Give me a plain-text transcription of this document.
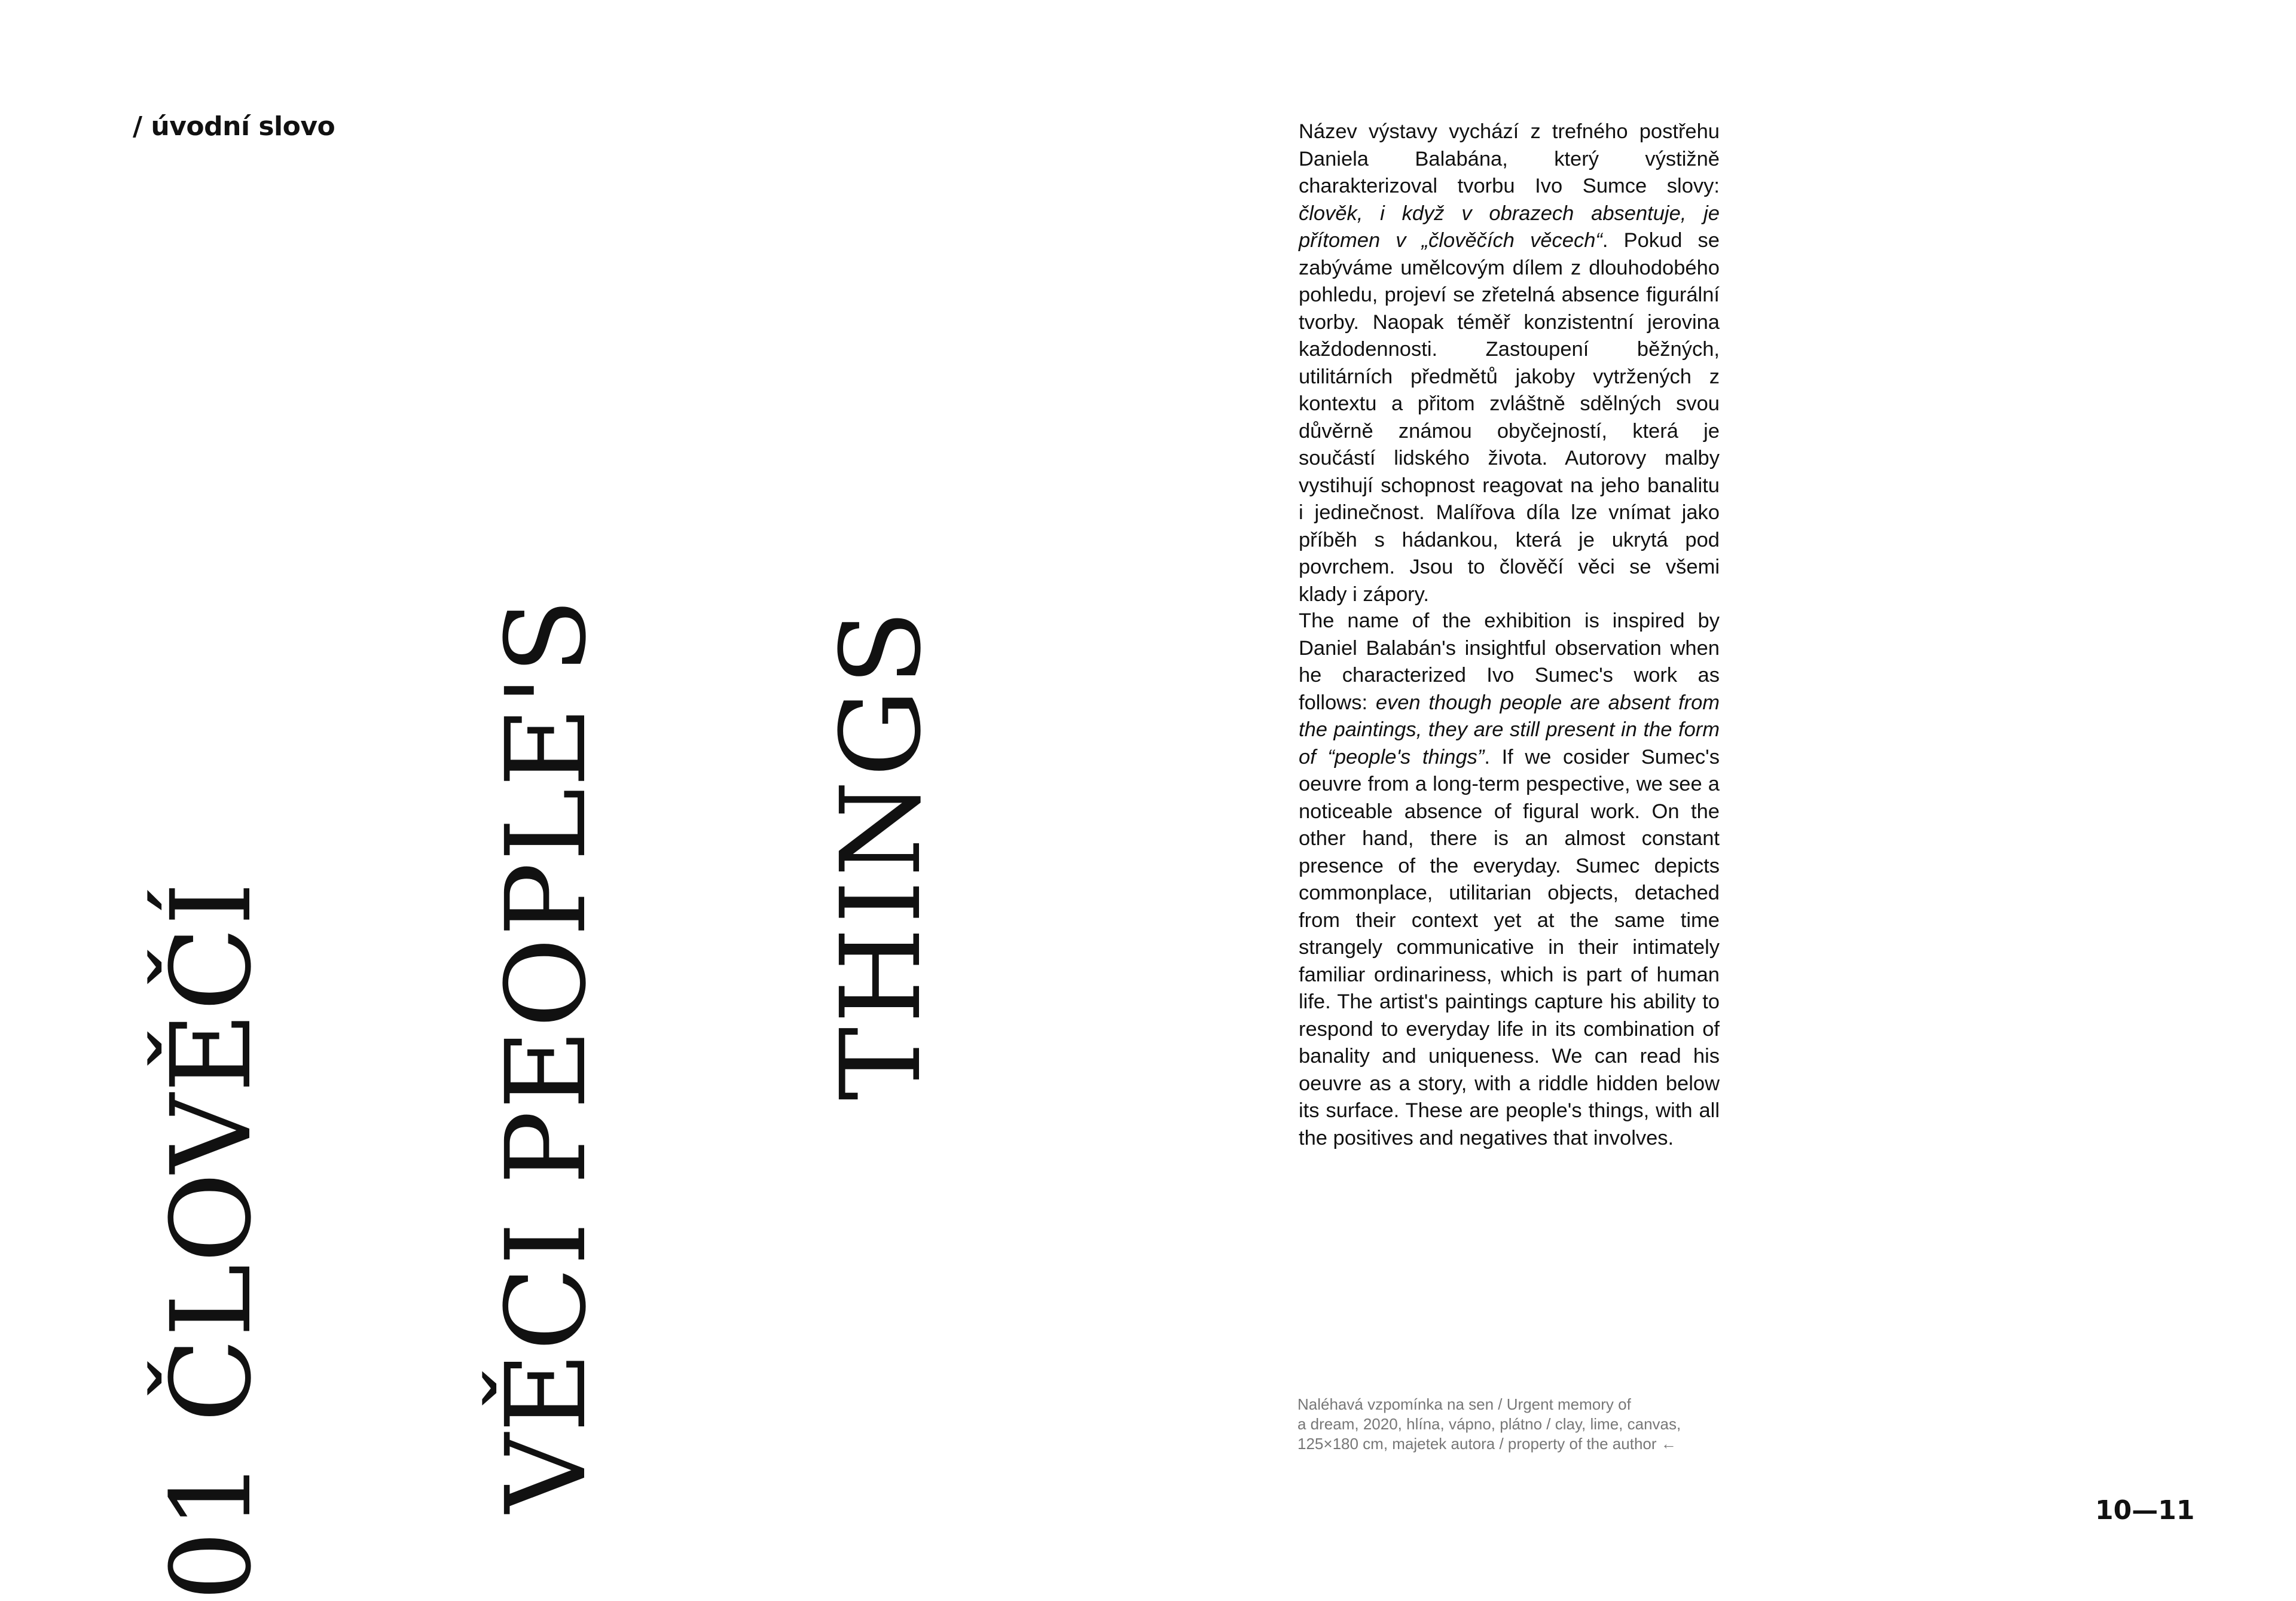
/ úvodní slovo
01 ČLOVĚČÍ VĚCI PEOPLE'S THINGS
Název výstavy vychází z trefného postřehu Daniela Balabána, který výstižně charakterizoval tvorbu Ivo Sumce slovy: člověk, i když v obrazech absentuje, je přítomen v „člověčích věcech“. Pokud se zabýváme umělcovým dílem z dlouhodobého pohledu, projeví se zřetelná absence figurální tvorby. Naopak téměř konzistentní jerovina každodennosti. Zastoupení běžných, utilitárních předmětů jakoby vytržených z kontextu a přitom zvláštně sdělných svou důvěrně známou obyčejností, která je součástí lidského života. Autorovy malby vystihují schopnost reagovat na jeho banalitu i jedinečnost. Malířova díla lze vnímat jako příběh s hádankou, která je ukrytá pod povrchem. Jsou to člověčí věci se všemi klady i zápory.
The name of the exhibition is inspired by Daniel Balabán's insightful observation when he characterized Ivo Sumec's work as follows: even though people are absent from the paintings, they are still present in the form of “people's things”. If we cosider Sumec's oeuvre from a long-term pespective, we see a noticeable absence of figural work. On the other hand, there is an almost constant presence of the everyday. Sumec depicts commonplace, utilitarian objects, detached from their context yet at the same time strangely communicative in their intimately familiar ordinariness, which is part of human life. The artist's paintings capture his ability to respond to everyday life in its combination of banality and uniqueness. We can read his oeuvre as a story, with a riddle hidden below its surface. These are people's things, with all the positives and negatives that involves.
Naléhavá vzpomínka na sen / Urgent memory of
a dream, 2020, hlína, vápno, plátno / clay, lime, canvas,
125×180 cm, majetek autora / property of the author ←
10—11
